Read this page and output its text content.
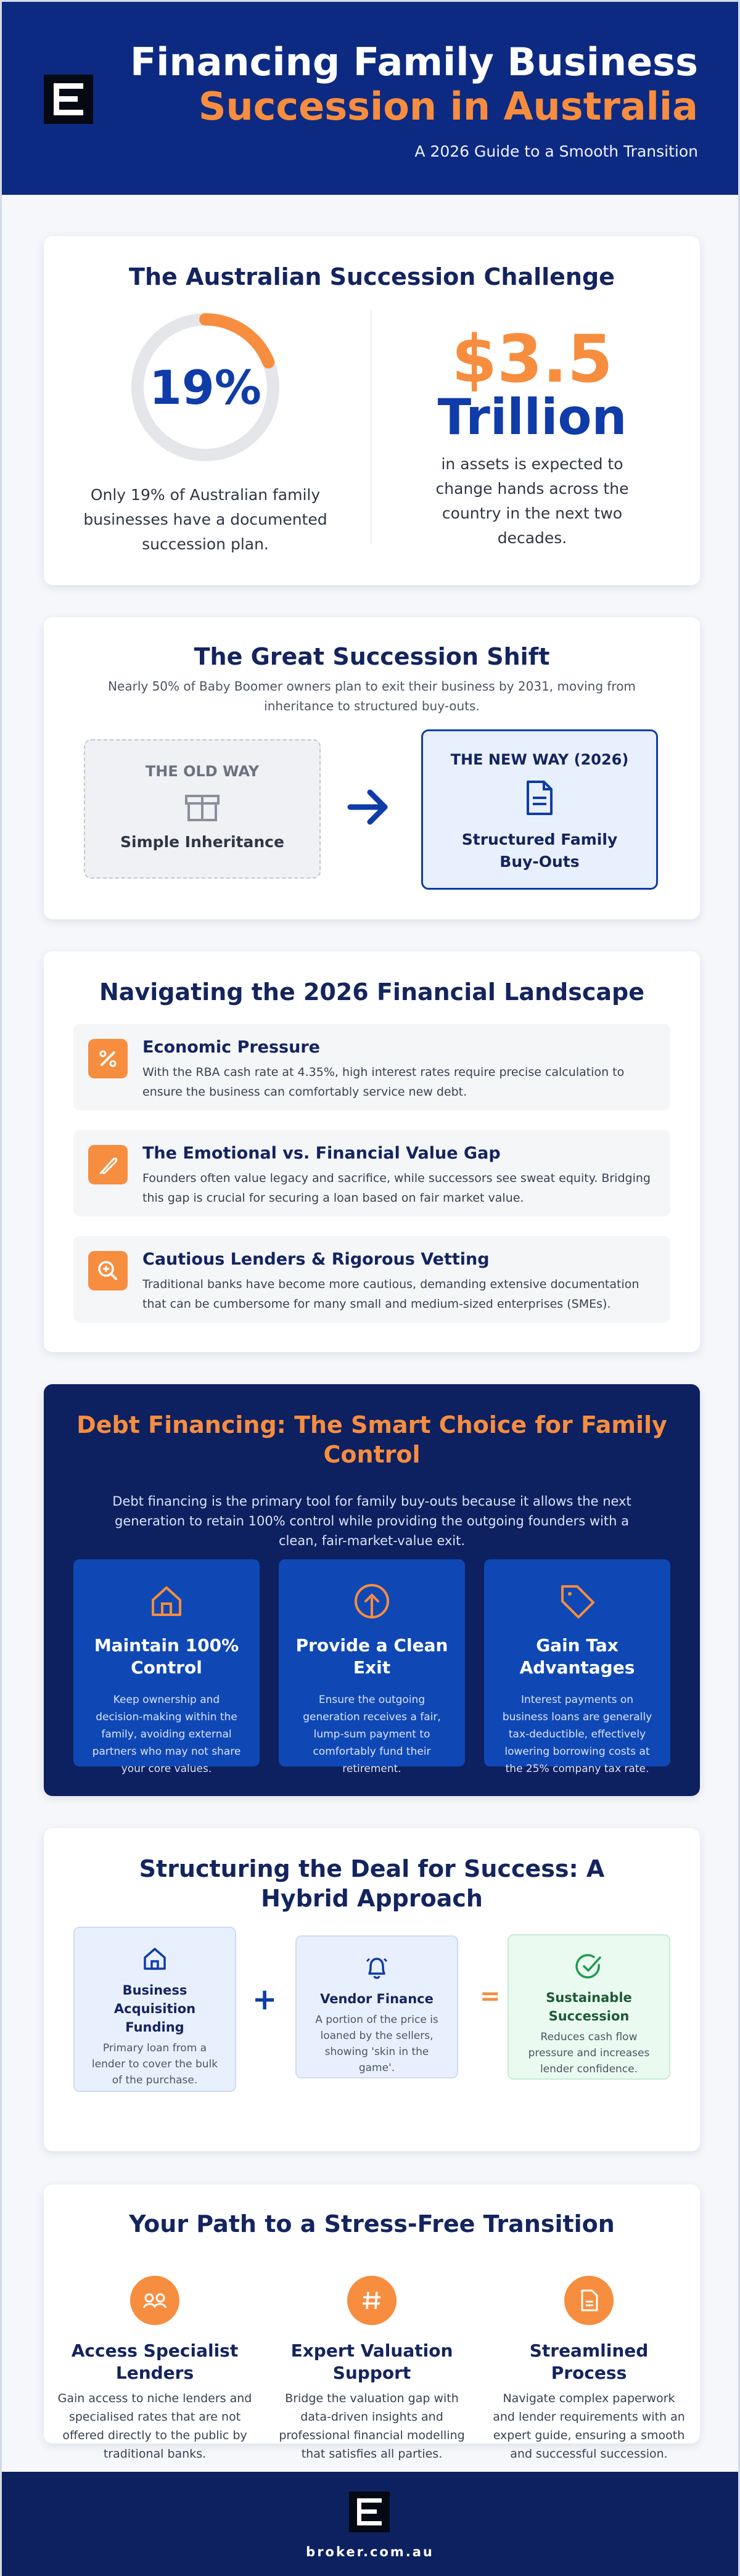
Financing Family Business
Succession in Australia
A 2026 Guide to a Smooth Transition
The Australian Succession Challenge
19%
Only 19% of Australian family businesses have a documented succession plan.
$3.5
Trillion
in assets is expected to change hands across the country in the next two decades.
The Great Succession Shift
Nearly 50% of Baby Boomer owners plan to exit their business by 2031, moving from inheritance to structured buy-outs.
THE OLD WAY
Simple Inheritance
THE NEW WAY (2026)
Structured Family Buy-Outs
Navigating the 2026 Financial Landscape
Economic Pressure
With the RBA cash rate at 4.35%, high interest rates require precise calculation to ensure the business can comfortably service new debt.
The Emotional vs. Financial Value Gap
Founders often value legacy and sacrifice, while successors see sweat equity. Bridging this gap is crucial for securing a loan based on fair market value.
Cautious Lenders & Rigorous Vetting
Traditional banks have become more cautious, demanding extensive documentation that can be cumbersome for many small and medium-sized enterprises (SMEs).
Debt Financing: The Smart Choice for Family Control
Debt financing is the primary tool for family buy-outs because it allows the next generation to retain 100% control while providing the outgoing founders with a clean, fair-market-value exit.
Maintain 100% Control
Keep ownership and decision-making within the family, avoiding external partners who may not share your core values.
Provide a Clean Exit
Ensure the outgoing generation receives a fair, lump-sum payment to comfortably fund their retirement.
Gain Tax Advantages
Interest payments on business loans are generally tax-deductible, effectively lowering borrowing costs at the 25% company tax rate.
Structuring the Deal for Success: A Hybrid Approach
Business Acquisition Funding
Primary loan from a lender to cover the bulk of the purchase.
+	Vendor Finance
A portion of the price is loaned by the sellers, showing 'skin in the game'.
=	Sustainable Succession
Reduces cash flow pressure and increases lender confidence.
Your Path to a Stress-Free Transition
Access Specialist Lenders
Gain access to niche lenders and specialised rates that are not offered directly to the public by traditional banks.
Expert Valuation Support
Bridge the valuation gap with data-driven insights and professional financial modelling that satisfies all parties.
Streamlined Process
Navigate complex paperwork and lender requirements with an expert guide, ensuring a smooth and successful succession.
broker.com.au
